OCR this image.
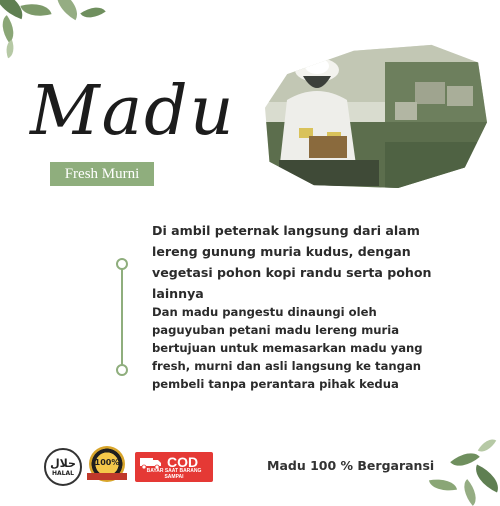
Madu
Fresh Murni
Di ambil peternak langsung dari alam lereng gunung muria kudus, dengan vegetasi pohon kopi randu serta pohon lainnya
Dan madu pangestu dinaungi oleh paguyuban petani madu lereng muria bertujuan untuk memasarkan madu yang fresh, murni dan asli langsung ke tangan pembeli tanpa perantara pihak kedua
حلال
HALAL
100%	COD
BAYAR SAAT BARANG SAMPAI
Madu 100 % Bergaransi
